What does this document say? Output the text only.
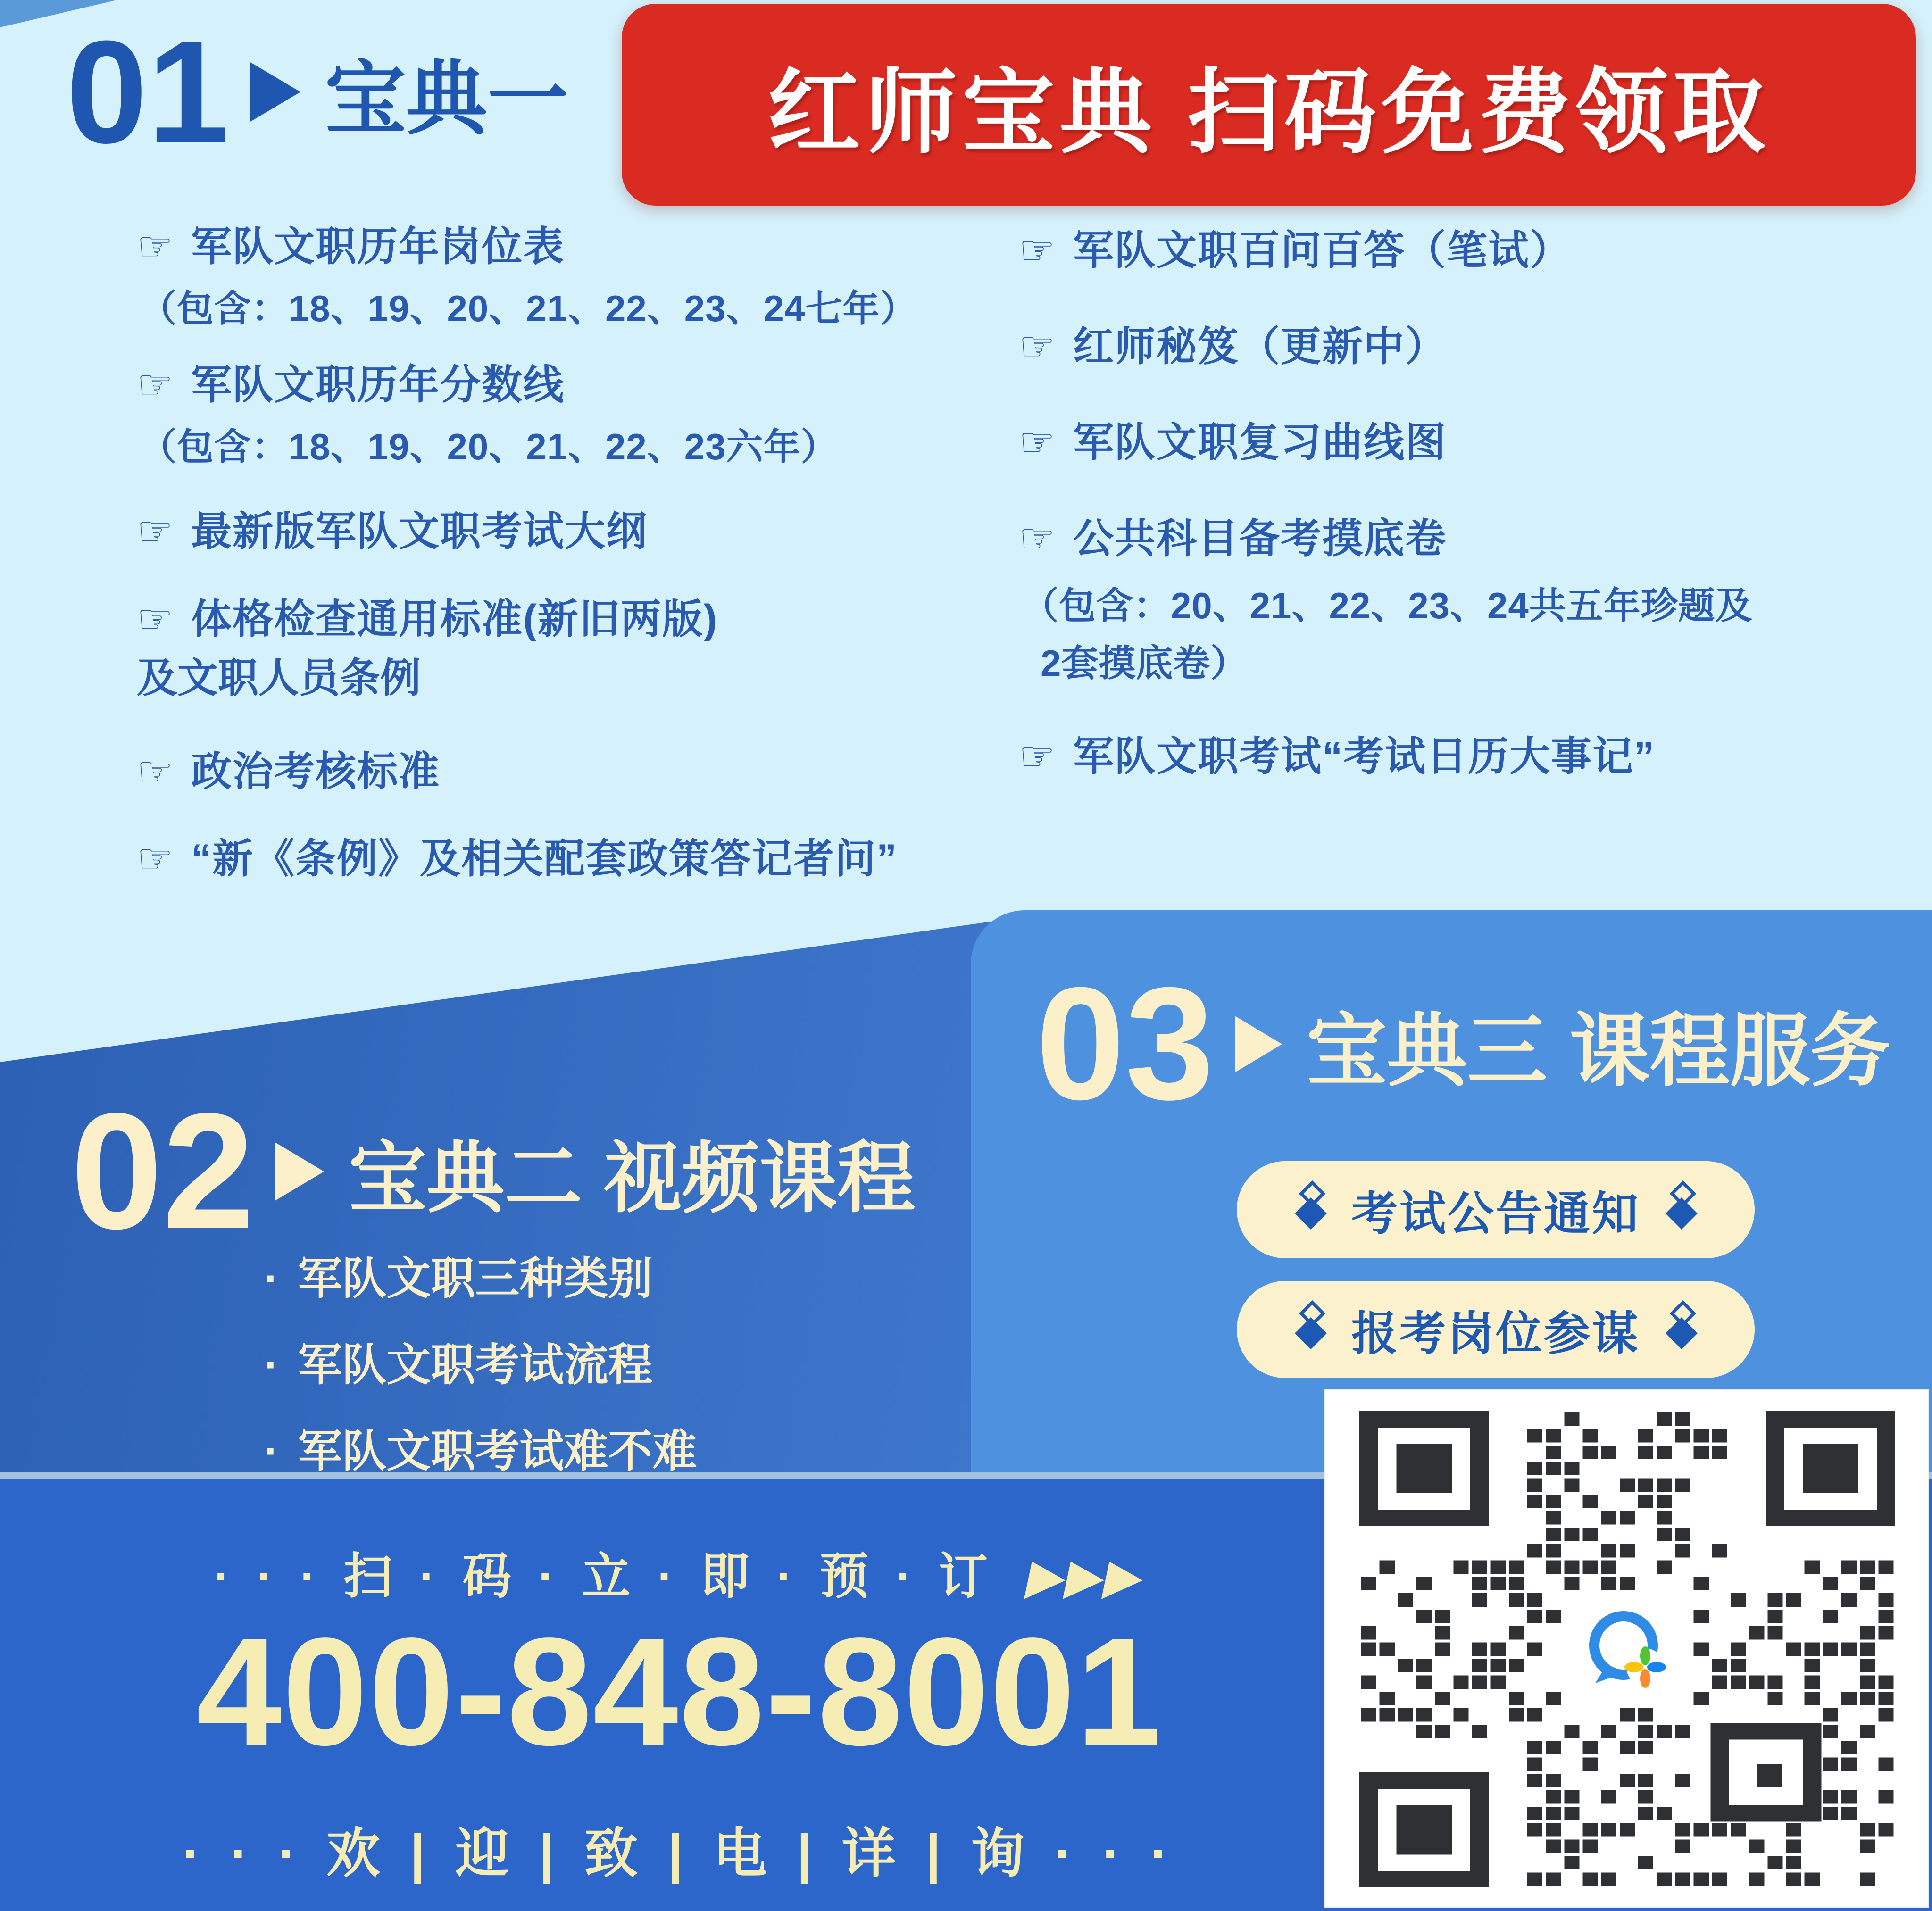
01 宝典一 红师宝典 扫码免费领取
☞ 军队文职历年岗位表
（包含：18、19、20、21、22、23、24七年）
☞ 军队文职历年分数线
（包含：18、19、20、21、22、23六年）
☞ 最新版军队文职考试大纲
☞ 体格检查通用标准(新旧两版)
及文职人员条例
☞ 政治考核标准
☞ “新《条例》及相关配套政策答记者问”
☞ 军队文职百问百答（笔试）
☞ 红师秘笈（更新中）
☞ 军队文职复习曲线图
☞ 公共科目备考摸底卷
（包含：20、21、22、23、24共五年珍题及
2套摸底卷）
☞ 军队文职考试“考试日历大事记”
02 宝典二 视频课程
· 军队文职三种类别
· 军队文职考试流程
· 军队文职考试难不难
03 宝典三 课程服务
考试公告通知
报考岗位参谋
· · · 扫 · 码 · 立 · 即 · 预 · 订 ▶▶▶
400-848-8001
· · · 欢 | 迎 | 致 | 电 | 详 | 询 · · ·
